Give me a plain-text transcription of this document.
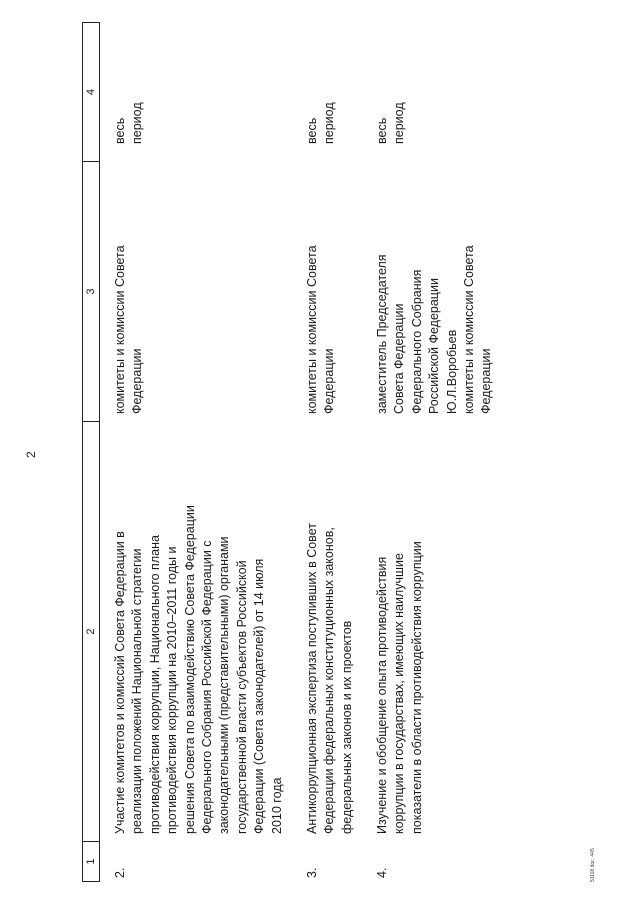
2
1
2
3
4
2.
Участие комитетов и комиссий Совета Федерации в
реализации положений Национальной стратегии
противодействия коррупции, Национального плана
противодействия коррупции на 2010–2011 годы и
решения Совета по взаимодействию Совета Федерации
Федерального Собрания Российской Федерации с
законодательными (представительными) органами
государственной власти субъектов Российской
Федерации (Совета законодателей) от 14 июля
2010 года
комитеты и комиссии Совета
Федерации
весь
период
3.
Антикоррупционная экспертиза поступивших в Совет
Федерации федеральных конституционных законов,
федеральных законов и их проектов
комитеты и комиссии Совета
Федерации
весь
период
4.
Изучение и обобщение опыта противодействия
коррупции в государствах, имеющих наилучшие
показатели в области противодействия коррупции
заместитель Председателя
Совета Федерации
Федерального Собрания
Российской Федерации
Ю.Л.Воробьев
комитеты и комиссии Совета
Федерации
весь
период
51118 doc. 445
